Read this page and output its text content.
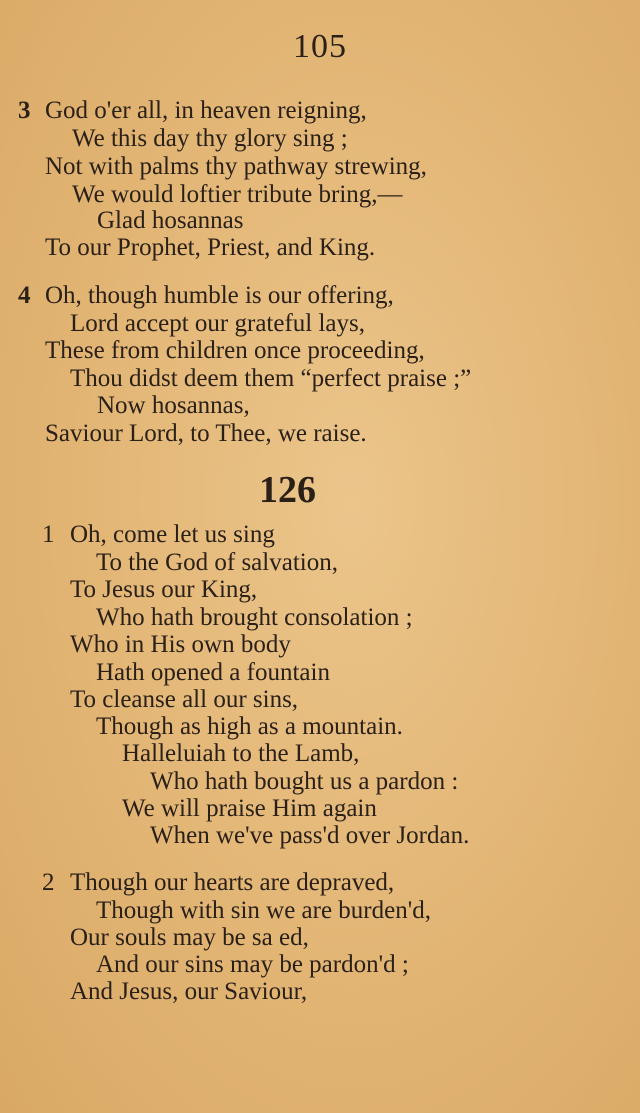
105
3 God o'er all, in heaven reigning,
We this day thy glory sing ;
Not with palms thy pathway strewing,
We would loftier tribute bring,—
Glad hosannas
To our Prophet, Priest, and King.
4 Oh, though humble is our offering,
Lord accept our grateful lays,
These from children once proceeding,
Thou didst deem them “perfect praise ;”
Now hosannas,
Saviour Lord, to Thee, we raise.
126
1 Oh, come let us sing
To the God of salvation,
To Jesus our King,
Who hath brought consolation ;
Who in His own body
Hath opened a fountain
To cleanse all our sins,
Though as high as a mountain.
Halleluiah to the Lamb,
Who hath bought us a pardon :
We will praise Him again
When we've pass'd over Jordan.
2 Though our hearts are depraved,
Though with sin we are burden'd,
Our souls may be sa ed,
And our sins may be pardon'd ;
And Jesus, our Saviour,
